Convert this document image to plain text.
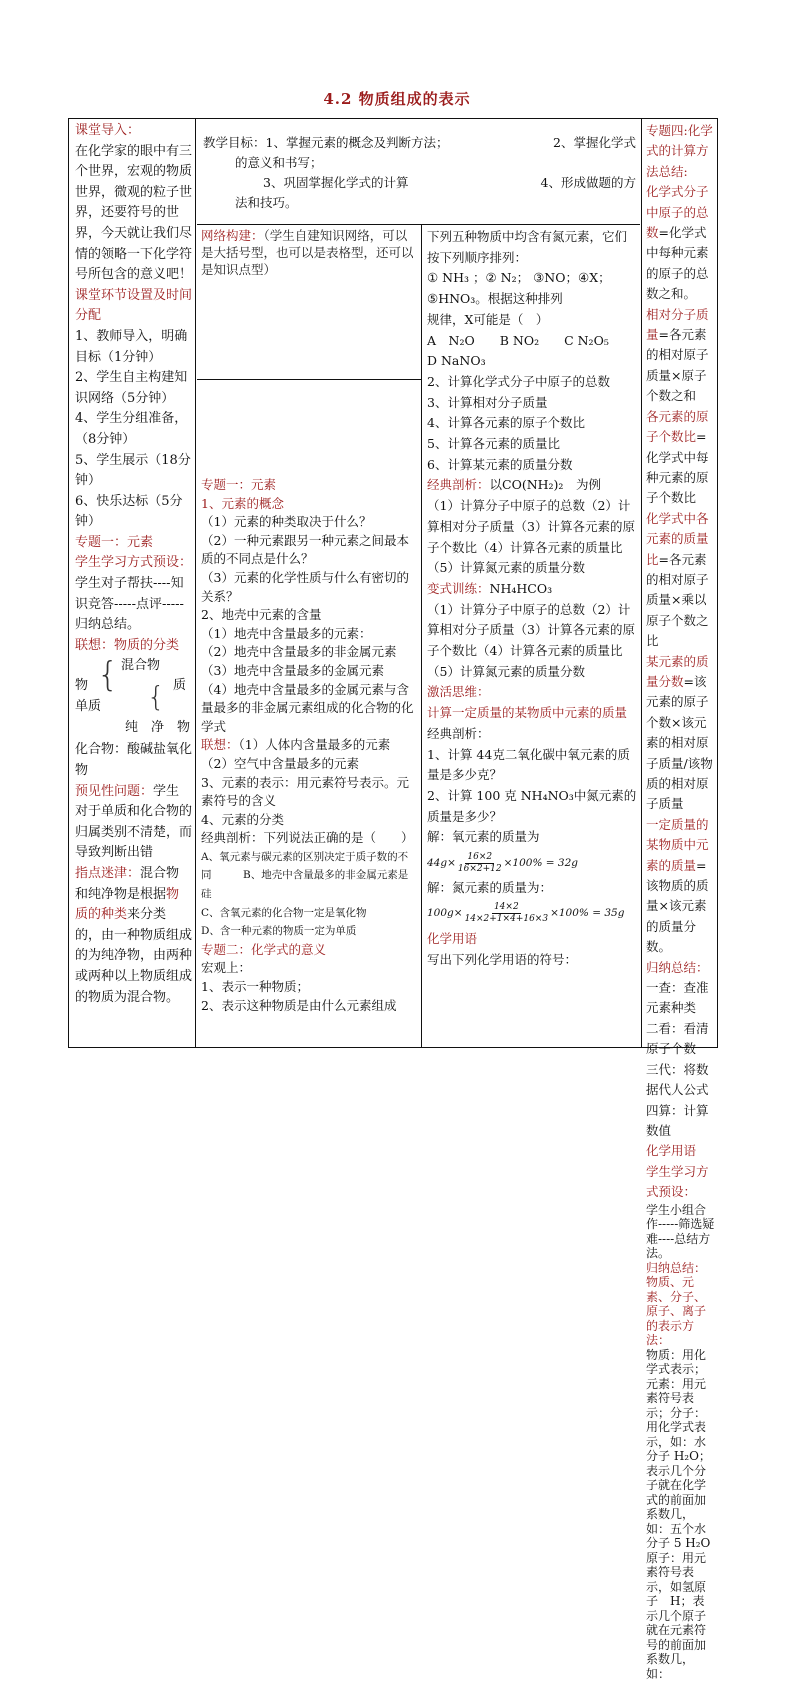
4.2 物质组成的表示
课堂导入：
在化学家的眼中有三个世界，宏观的物质世界，微观的粒子世界，还要符号的世界，今天就让我们尽情的领略一下化学符号所包含的意义吧！
课堂环节设置及时间分配
1、教师导入，明确目标（1分钟）
2、学生自主构建知识网络（5分钟）
4、学生分组准备，（8分钟）
5、学生展示（18分钟）
6、快乐达标（5分钟）
专题一：元素
学生学习方式预设：
学生对子帮扶----知识竞答-----点评-----归纳总结。
联想：物质的分类
混合物
物 {	质
{
单质
纯　净　物
化合物：酸碱盐氧化物
预见性问题：学生对于单质和化合物的归属类别不清楚，而导致判断出错
指点迷津：混合物和纯净物是根据物质的种类来分类的，由一种物质组成的为纯净物，由两种或两种以上物质组成的物质为混合物。
教学目标：1、掌握元素的概念及判断方法；	2、掌握化学式
的意义和书写；
3、巩固掌握化学式的计算	4、形成做题的方
法和技巧。
网络构建：（学生自建知识网络，可以是大括号型，也可以是表格型，还可以是知识点型）
专题一：元素
1、元素的概念
（1）元素的种类取决于什么？
（2）一种元素跟另一种元素之间最本质的不同点是什么？
（3）元素的化学性质与什么有密切的关系？
2、地壳中元素的含量
（1）地壳中含量最多的元素：
（2）地壳中含量最多的非金属元素
（3）地壳中含量最多的金属元素
（4）地壳中含量最多的金属元素与含量最多的非金属元素组成的化合物的化学式
联想：（1）人体内含量最多的元素
（2）空气中含量最多的元素
3、元素的表示：用元素符号表示。元素符号的含义
4、元素的分类
经典剖析：下列说法正确的是（　　）
A、氧元素与碳元素的区别决定于质子数的不同　　　B、地壳中含量最多的非金属元素是硅
C、含氧元素的化合物一定是氧化物
D、含一种元素的物质一定为单质
专题二：化学式的意义
宏观上：
1、表示一种物质；
2、表示这种物质是由什么元素组成
下列五种物质中均含有氮元素，它们按下列顺序排列：
① NH₃ ；② N₂； ③NO；④X；⑤HNO₃。根据这种排列
规律，X可能是（　）
A　N₂O　　B NO₂　　C N₂O₅　　D NaNO₃
2、计算化学式分子中原子的总数
3、计算相对分子质量
4、计算各元素的原子个数比
5、计算各元素的质量比
6、计算某元素的质量分数
经典剖析：以CO(NH₂)₂　为例
（1）计算分子中原子的总数（2）计算相对分子质量（3）计算各元素的原子个数比（4）计算各元素的质量比（5）计算氮元素的质量分数
变式训练：NH₄HCO₃
（1）计算分子中原子的总数（2）计算相对分子质量（3）计算各元素的原子个数比（4）计算各元素的质量比（5）计算氮元素的质量分数
激活思维：
计算一定质量的某物质中元素的质量
经典剖析：
1、计算 44克二氧化碳中氧元素的质量是多少克？
2、计算 100 克 NH₄NO₃中氮元素的质量是多少？
解：氧元素的质量为
$44g\times \frac{16\times 2}{16\times 2+12} \times 100\% = 32g$
解：氮元素的质量为：
$100g\times \frac{14\times 2}{14\times 2+1\times 4+16\times 3} \times 100\% = 35g$
化学用语
写出下列化学用语的符号：
专题四:化学式的计算方法总结:
化学式分子中原子的总数=化学式中每种元素的原子的总数之和。
相对分子质量=各元素的相对原子质量×原子个数之和
各元素的原子个数比=化学式中每种元素的原子个数比
化学式中各元素的质量比=各元素的相对原子质量×乘以原子个数之比
某元素的质量分数=该元素的原子个数×该元素的相对原子质量/该物质的相对原子质量
一定质量的某物质中元素的质量=该物质的质量×该元素的质量分数。
归纳总结：
一查：查准元素种类
二看：看清原子个数
三代：将数据代人公式
四算：计算数值
化学用语
学生学习方式预设：
学生小组合作-----筛选疑难----总结方法。
归纳总结：
物质、元素、分子、原子、离子的表示方法：
物质：用化学式表示；元素：用元素符号表示；分子：用化学式表示，如：水分子 H₂O；表示几个分子就在化学式的前面加系数几，如：五个水分子 5 H₂O 原子：用元素符号表示，如氢原子　H；表示几个原子就在元素符号的前面加系数几，如：
